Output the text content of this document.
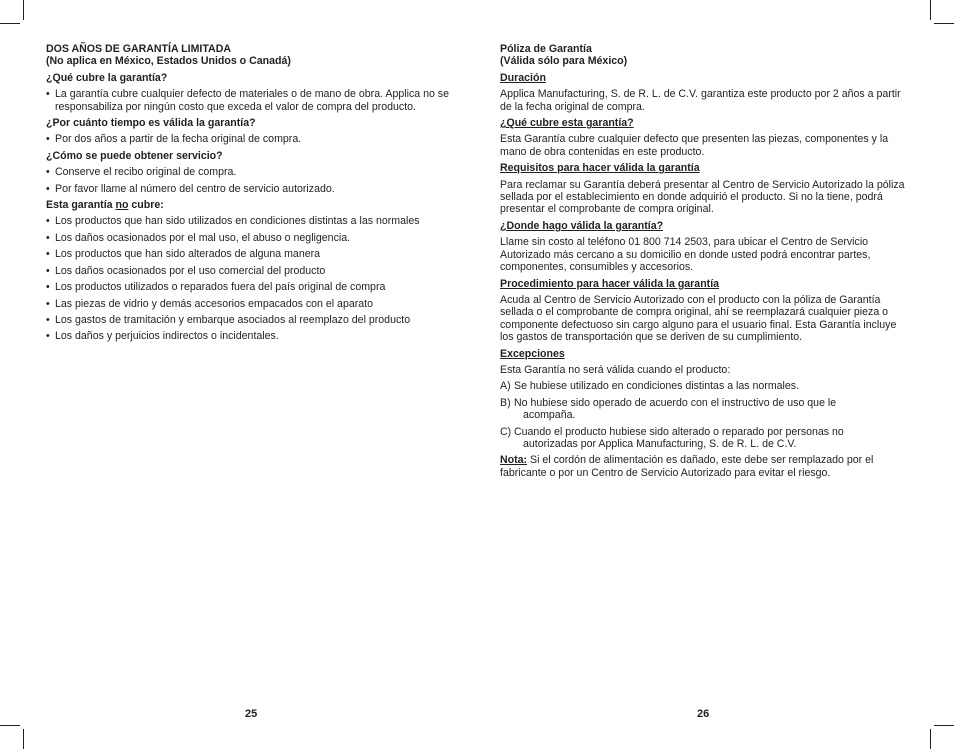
DOS AÑOS DE GARANTÍA LIMITADA

(No aplica en México, Estados Unidos o Canadá)

¿Qué cubre la garantía?

• La garantía cubre cualquier defecto de materiales o de mano de obra. Applica no se responsabiliza por ningún costo que exceda el valor de compra del producto.

¿Por cuánto tiempo es válida la garantía?

• Por dos años a partir de la fecha original de compra.

¿Cómo se puede obtener servicio?

• Conserve el recibo original de compra.

• Por favor llame al número del centro de servicio autorizado.

Esta garantía no cubre:

• Los productos que han sido utilizados en condiciones distintas a las normales

• Los daños ocasionados por el mal uso, el abuso o negligencia.

• Los productos que han sido alterados de alguna manera

• Los daños ocasionados por el uso comercial del producto

• Los productos utilizados o reparados fuera del país original de compra

• Las piezas de vidrio y demás accesorios empacados con el aparato

• Los gastos de tramitación y embarque asociados al reemplazo del producto

• Los daños y perjuicios indirectos o incidentales.

25

Póliza de Garantía

(Válida sólo para México)

Duración

Applica Manufacturing, S. de R. L. de C.V. garantiza este producto por 2 años a partir de la fecha original de compra.

¿Qué cubre esta garantía?

Esta Garantía cubre cualquier defecto que presenten las piezas, componentes y la mano de obra contenidas en este producto.

Requisitos para hacer válida la garantía

Para reclamar su Garantía deberá presentar al Centro de Servicio Autorizado la póliza sellada por el establecimiento en donde adquirió el producto. Si no la tiene, podrá presentar el comprobante de compra original.

¿Donde hago válida la garantía?

Llame sin costo al teléfono 01 800 714 2503, para ubicar el Centro de Servicio Autorizado más cercano a su domicilio en donde usted podrá encontrar partes, componentes, consumibles y accesorios.

Procedimiento para hacer válida la garantía

Acuda al Centro de Servicio Autorizado con el producto con la póliza de Garantía sellada o el comprobante de compra original, ahí se reemplazará cualquier pieza o componente defectuoso sin cargo alguno para el usuario final. Esta Garantía incluye los gastos de transportación que se deriven de su cumplimiento.

Excepciones

Esta Garantía no será válida cuando el producto:

A) Se hubiese utilizado en condiciones distintas a las normales.

B) No hubiese sido operado de acuerdo con el instructivo de uso que le
acompaña.

C) Cuando el producto hubiese sido alterado o reparado por personas no
autorizadas por Applica Manufacturing, S. de R. L. de C.V.

Nota: Si el cordón de alimentación es dañado, este debe ser remplazado por el fabricante o por un Centro de Servicio Autorizado para evitar el riesgo.

26
